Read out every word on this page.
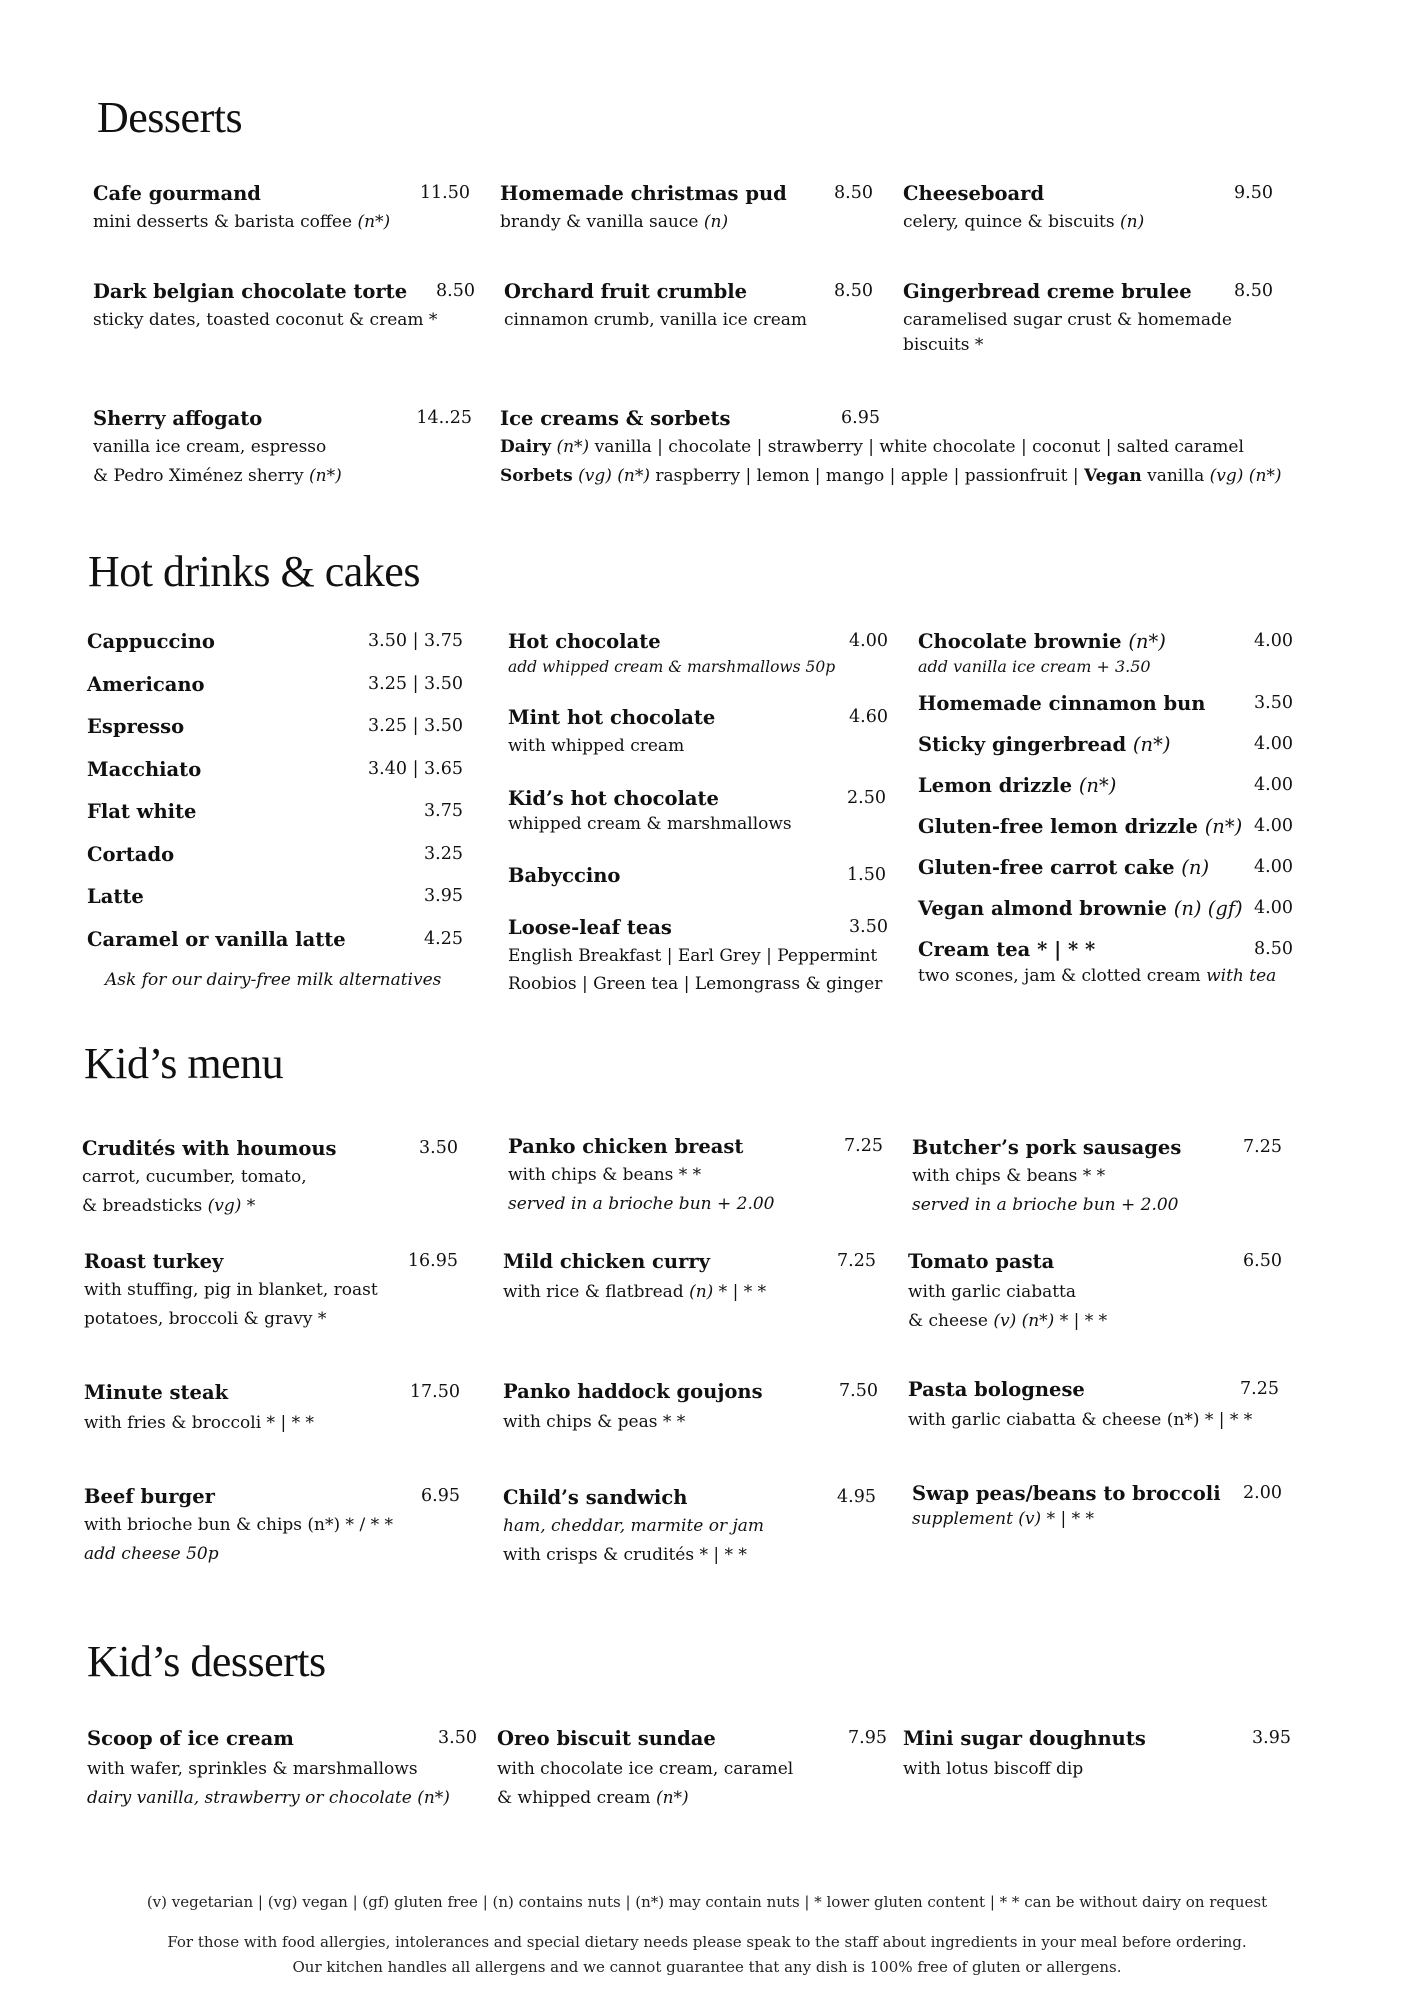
Desserts
Cafe gourmand	11.50
mini desserts & barista coffee (n*)
Homemade christmas pud	8.50
brandy & vanilla sauce (n)
Cheeseboard	9.50
celery, quince & biscuits (n)
Dark belgian chocolate torte 8.50
sticky dates, toasted coconut & cream *
Orchard fruit crumble	8.50
cinnamon crumb, vanilla ice cream
Gingerbread creme brulee 8.50
caramelised sugar crust & homemade
biscuits *
Sherry affogato	14..25
vanilla ice cream, espresso
& Pedro Ximénez sherry (n*)
Ice creams & sorbets	6.95
Dairy (n*) vanilla | chocolate | strawberry | white chocolate | coconut | salted caramel
Sorbets (vg) (n*) raspberry | lemon | mango | apple | passionfruit | Vegan vanilla (vg) (n*)
Hot drinks & cakes
Cappuccino	3.50 | 3.75
Americano	3.25 | 3.50
Espresso	3.25 | 3.50
Macchiato	3.40 | 3.65
Flat white	3.75
Cortado	3.25
Latte	3.95
Caramel or vanilla latte	4.25
Ask for our dairy-free milk alternatives
Hot chocolate	4.00
add whipped cream & marshmallows 50p
Mint hot chocolate	4.60
with whipped cream
Kid’s hot chocolate	2.50
whipped cream & marshmallows
Babyccino	1.50
Loose-leaf teas	3.50
English Breakfast | Earl Grey | Peppermint
Roobios | Green tea | Lemongrass & ginger
Chocolate brownie (n*)	4.00
add vanilla ice cream + 3.50
Homemade cinnamon bun	3.50
Sticky gingerbread (n*)	4.00
Lemon drizzle (n*)	4.00
Gluten-free lemon drizzle (n*) 4.00
Gluten-free carrot cake (n)	4.00
Vegan almond brownie (n) (gf) 4.00
Cream tea * | * *	8.50
two scones, jam & clotted cream with tea
Kid’s menu
Crudités with houmous	3.50
carrot, cucumber, tomato,
& breadsticks (vg) *
Panko chicken breast	7.25
with chips & beans * *
served in a brioche bun + 2.00
Butcher’s pork sausages	7.25
with chips & beans * *
served in a brioche bun + 2.00
Roast turkey	16.95
with stuffing, pig in blanket, roast
potatoes, broccoli & gravy *
Mild chicken curry	7.25
with rice & flatbread (n) * | * *
Tomato pasta	6.50
with garlic ciabatta
& cheese (v) (n*) * | * *
Minute steak	17.50
with fries & broccoli * | * *
Panko haddock goujons	7.50
with chips & peas * *
Pasta bolognese	7.25
with garlic ciabatta & cheese (n*) * | * *
Beef burger	6.95
with brioche bun & chips (n*) * / * *
add cheese 50p
Child’s sandwich	4.95
ham, cheddar, marmite or jam
with crisps & crudités * | * *
Swap peas/beans to broccoli 2.00
supplement (v) * | * *
Kid’s desserts
Scoop of ice cream	3.50
with wafer, sprinkles & marshmallows
dairy vanilla, strawberry or chocolate (n*)
Oreo biscuit sundae	7.95
with chocolate ice cream, caramel
& whipped cream (n*)
Mini sugar doughnuts	3.95
with lotus biscoff dip
(v) vegetarian | (vg) vegan | (gf) gluten free | (n) contains nuts | (n*) may contain nuts | * lower gluten content | * * can be without dairy on request
For those with food allergies, intolerances and special dietary needs please speak to the staff about ingredients in your meal before ordering.
Our kitchen handles all allergens and we cannot guarantee that any dish is 100% free of gluten or allergens.
